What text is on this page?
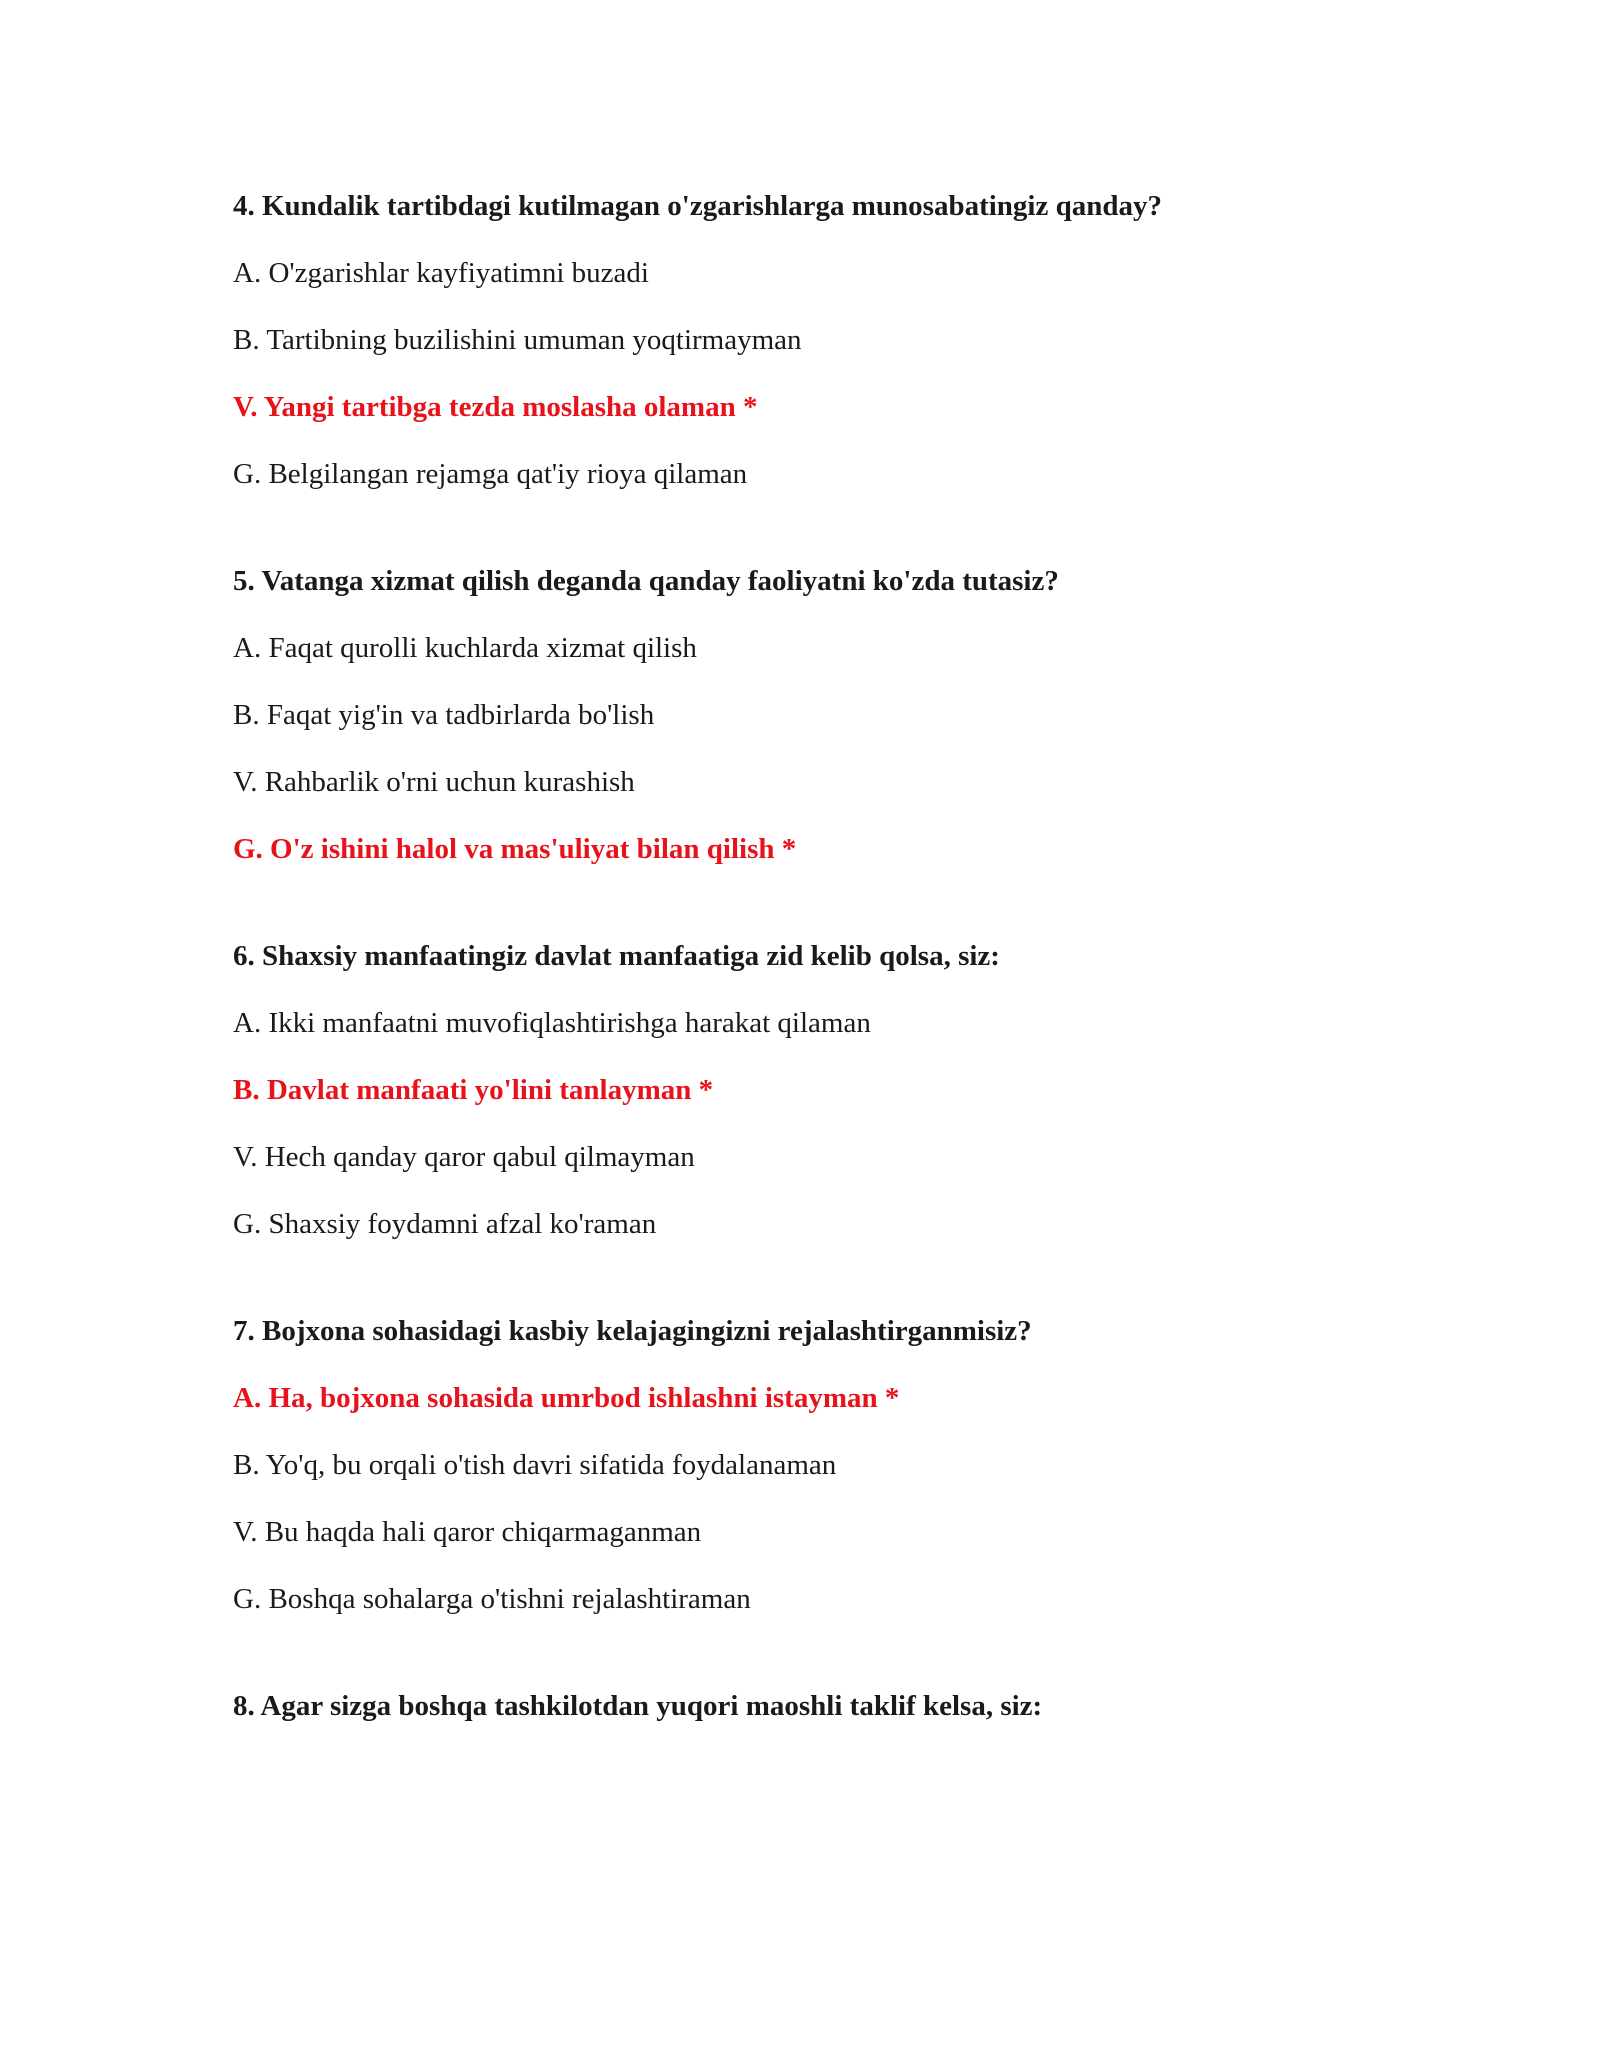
4. Kundalik tartibdagi kutilmagan o'zgarishlarga munosabatingiz qanday?
A. O'zgarishlar kayfiyatimni buzadi
B. Tartibning buzilishini umuman yoqtirmayman
V. Yangi tartibga tezda moslasha olaman *
G. Belgilangan rejamga qat'iy rioya qilaman
5. Vatanga xizmat qilish deganda qanday faoliyatni ko'zda tutasiz?
A. Faqat qurolli kuchlarda xizmat qilish
B. Faqat yig'in va tadbirlarda bo'lish
V. Rahbarlik o'rni uchun kurashish
G. O'z ishini halol va mas'uliyat bilan qilish *
6. Shaxsiy manfaatingiz davlat manfaatiga zid kelib qolsa, siz:
A. Ikki manfaatni muvofiqlashtirishga harakat qilaman
B. Davlat manfaati yo'lini tanlayman *
V. Hech qanday qaror qabul qilmayman
G. Shaxsiy foydamni afzal ko'raman
7. Bojxona sohasidagi kasbiy kelajagingizni rejalashtirganmisiz?
A. Ha, bojxona sohasida umrbod ishlashni istayman *
B. Yo'q, bu orqali o'tish davri sifatida foydalanaman
V. Bu haqda hali qaror chiqarmaganman
G. Boshqa sohalarga o'tishni rejalashtiraman
8. Agar sizga boshqa tashkilotdan yuqori maoshli taklif kelsa, siz:
